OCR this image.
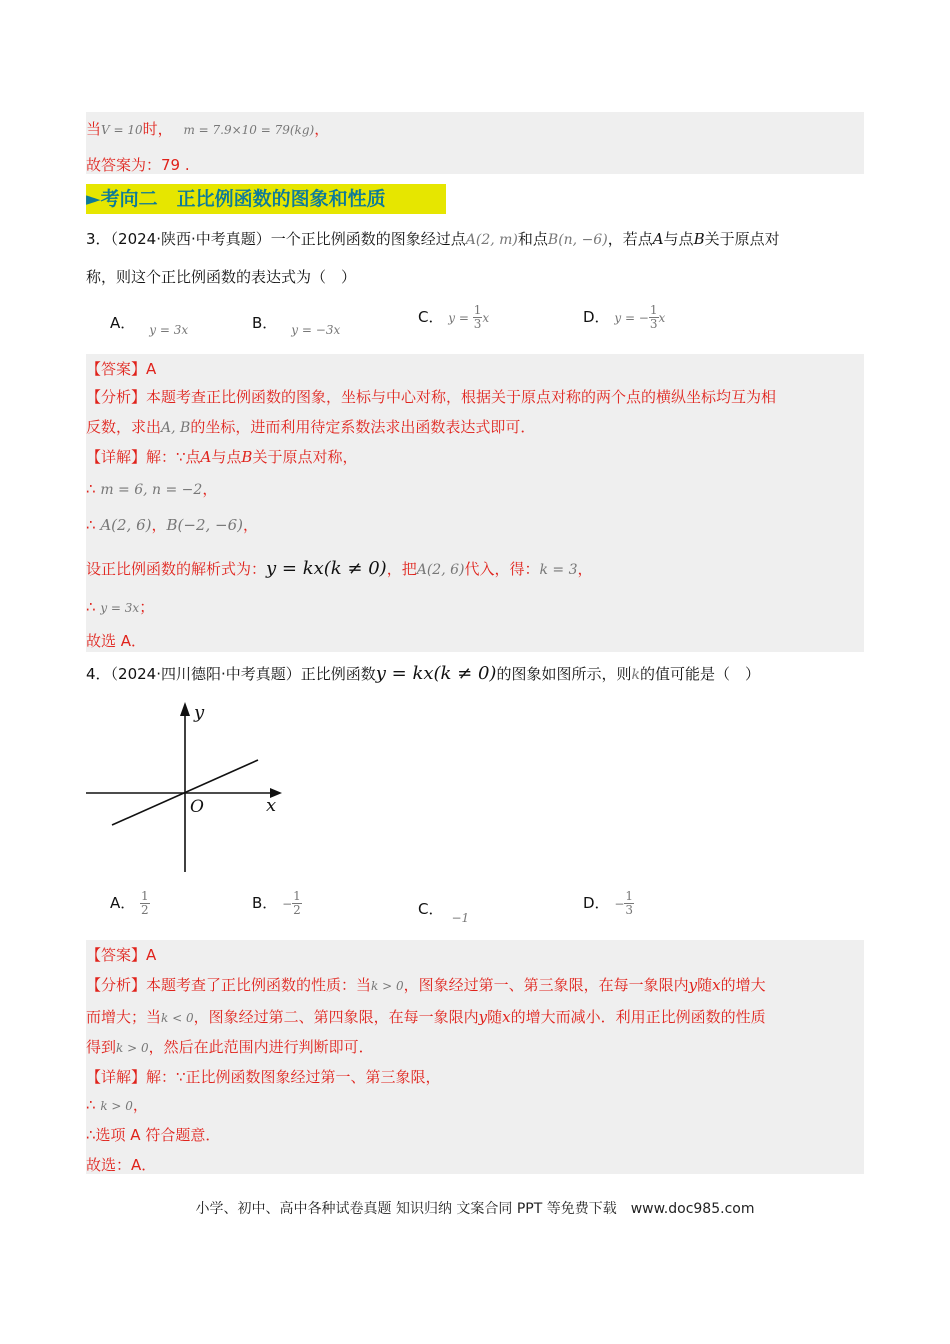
当V = 10时， m = 7.9×10 = 79(kg)，
故答案为：79 .
►考向二　正比例函数的图象和性质
3．（2024·陕西·中考真题）一个正比例函数的图象经过点A(2, m)和点B(n, −6)，若点A与点B关于原点对
称，则这个正比例函数的表达式为（　）
A． $_{y = 3x}$	B． $_{y = -3x}$
C． $y = \frac{1}{3}$ x	D． y = − $\frac{1}{3}$ x
【答案】A
【分析】本题考查正比例函数的图象，坐标与中心对称，根据关于原点对称的两个点的横纵坐标均互为相
反数，求出A, B的坐标，进而利用待定系数法求出函数表达式即可．
【详解】解：∵点A与点B关于原点对称，
∴ m = 6, n = −2，
∴ A(2, 6)，B(−2, −6)，
设正比例函数的解析式为：y = kx(k ≠ 0)，把A(2, 6)代入，得：k = 3，
∴ y = 3x；
故选 A．
4．（2024·四川德阳·中考真题）正比例函数y = kx(k ≠ 0)的图象如图所示，则k的值可能是（　）
y
x
O
A． $\frac{1}{2}$	B． − $\frac{1}{2}$	C． $_{-1}$
D． − $\frac{1}{3}$
【答案】A
【分析】本题考查了正比例函数的性质：当k > 0，图象经过第一、第三象限，在每一象限内y随x的增大
而增大；当k < 0，图象经过第二、第四象限，在每一象限内y随x的增大而减小．利用正比例函数的性质
得到k > 0，然后在此范围内进行判断即可．
【详解】解：∵正比例函数图象经过第一、第三象限，
∴ k > 0，
∴选项 A 符合题意．
故选：A．
小学、初中、高中各种试卷真题 知识归纳 文案合同 PPT 等免费下载　www.doc985.com
